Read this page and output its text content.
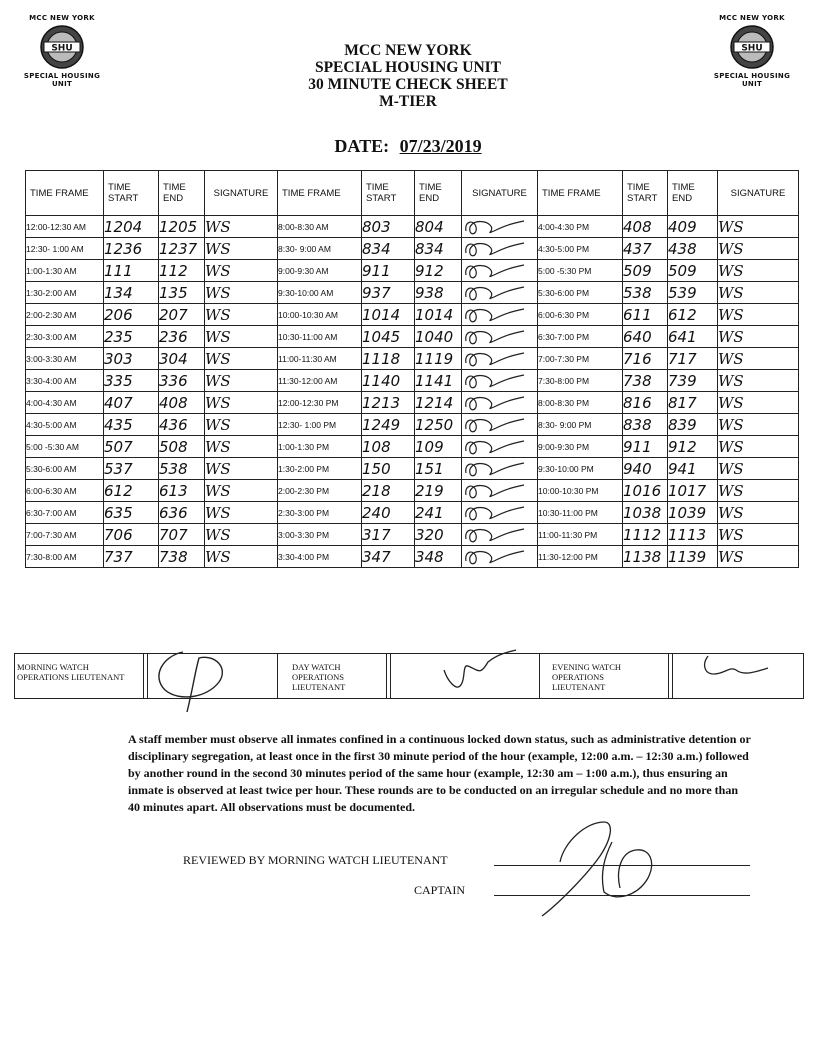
MCC NEW YORK
SHU
SPECIAL HOUSING UNIT
MCC NEW YORK
SHU
SPECIAL HOUSING UNIT
MCC NEW YORK
SPECIAL HOUSING UNIT
30 MINUTE CHECK SHEET
M-TIER
DATE: 07/23/2019
TIME FRAME	TIME START	TIME END	SIGNATURE	TIME FRAME	TIME START	TIME END	SIGNATURE	TIME FRAME	TIME START	TIME END	SIGNATURE
12:00-12:30 AM	1204	1205	WS	8:00-8:30 AM	803	804		4:00-4:30 PM	408	409	WS
12:30- 1:00 AM	1236	1237	WS	8:30- 9:00 AM	834	834		4:30-5:00 PM	437	438	WS
1:00-1:30 AM	111	112	WS	9:00-9:30 AM	911	912		5:00 -5:30 PM	509	509	WS
1:30-2:00 AM	134	135	WS	9:30-10:00 AM	937	938		5:30-6:00 PM	538	539	WS
2:00-2:30 AM	206	207	WS	10:00-10:30 AM	1014	1014		6:00-6:30 PM	611	612	WS
2:30-3:00 AM	235	236	WS	10:30-11:00 AM	1045	1040		6:30-7:00 PM	640	641	WS
3:00-3:30 AM	303	304	WS	11:00-11:30 AM	1118	1119		7:00-7:30 PM	716	717	WS
3:30-4:00 AM	335	336	WS	11:30-12:00 AM	1140	1141		7:30-8:00 PM	738	739	WS
4:00-4:30 AM	407	408	WS	12:00-12:30 PM	1213	1214		8:00-8:30 PM	816	817	WS
4:30-5:00 AM	435	436	WS	12:30- 1:00 PM	1249	1250		8:30- 9:00 PM	838	839	WS
5:00 -5:30 AM	507	508	WS	1:00-1:30 PM	108	109		9:00-9:30 PM	911	912	WS
5:30-6:00 AM	537	538	WS	1:30-2:00 PM	150	151		9:30-10:00 PM	940	941	WS
6:00-6:30 AM	612	613	WS	2:00-2:30 PM	218	219		10:00-10:30 PM	1016	1017	WS
6:30-7:00 AM	635	636	WS	2:30-3:00 PM	240	241		10:30-11:00 PM	1038	1039	WS
7:00-7:30 AM	706	707	WS	3:00-3:30 PM	317	320		11:00-11:30 PM	1112	1113	WS
7:30-8:00 AM	737	738	WS	3:30-4:00 PM	347	348		11:30-12:00 PM	1138	1139	WS
MORNING WATCH OPERATIONS LIEUTENANT
DAY WATCH OPERATIONS LIEUTENANT
EVENING WATCH OPERATIONS LIEUTENANT
A staff member must observe all inmates confined in a continuous locked down status, such as administrative detention or disciplinary segregation, at least once in the first 30 minute period of the hour (example, 12:00 a.m. – 12:30 a.m.) followed by another round in the second 30 minutes period of the same hour (example, 12:30 am – 1:00 a.m.), thus ensuring an inmate is observed at least twice per hour. These rounds are to be conducted on an irregular schedule and no more than 40 minutes apart. All observations must be documented.
REVIEWED BY MORNING WATCH LIEUTENANT
CAPTAIN
